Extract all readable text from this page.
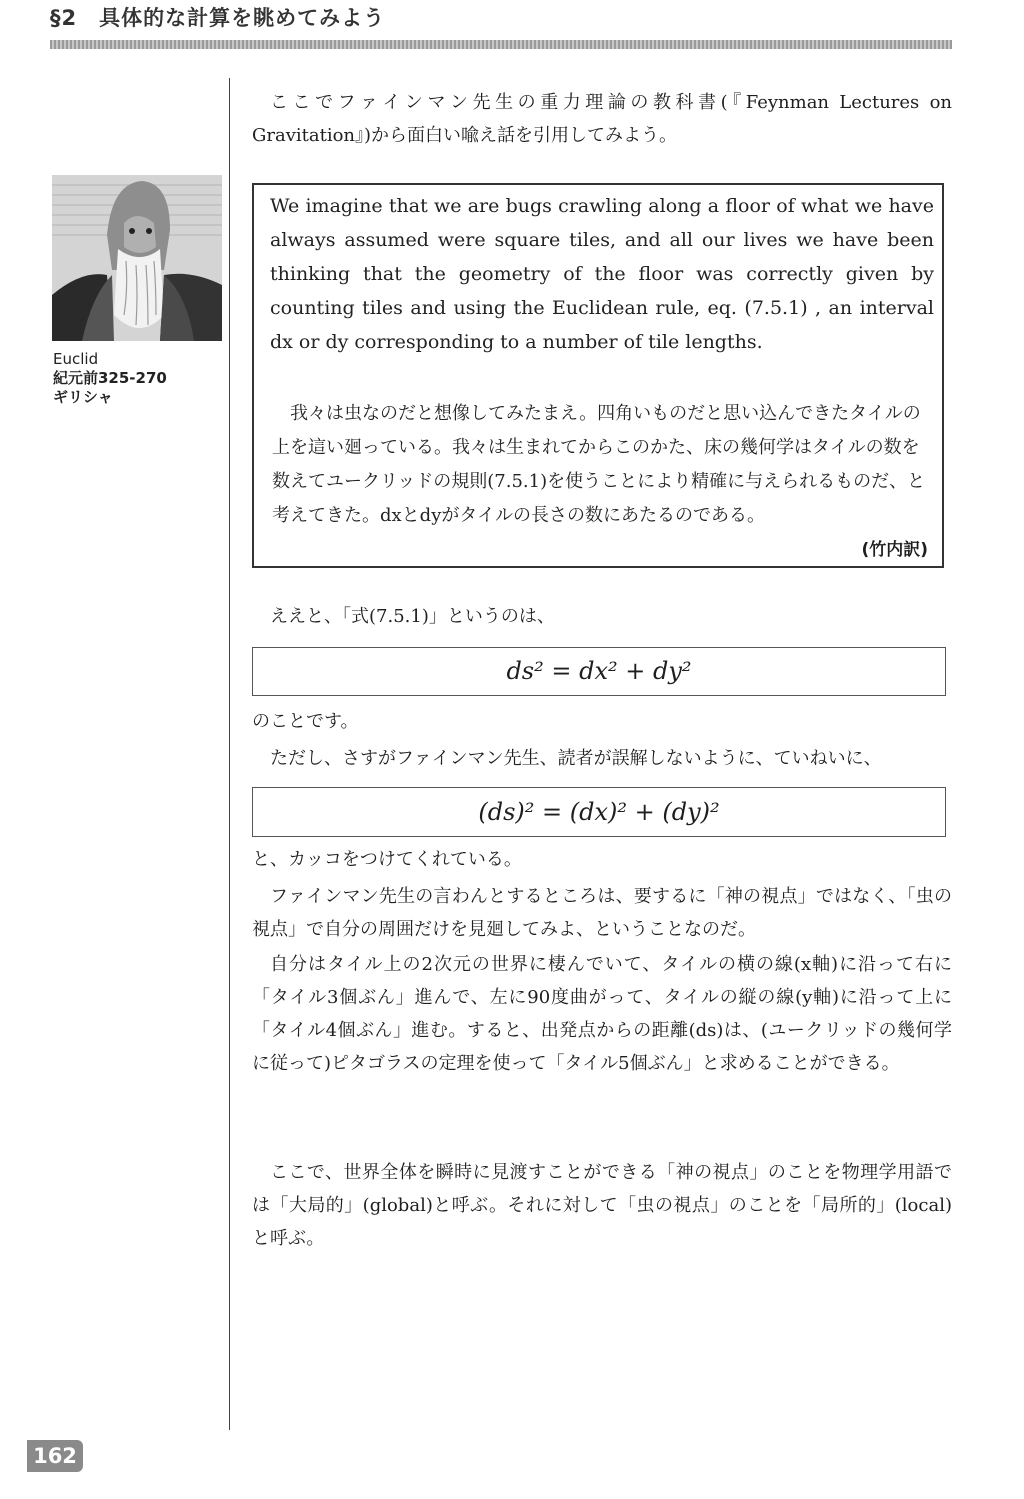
§2　具体的な計算を眺めてみよう
Euclid
紀元前325-270
ギリシャ
ここでファインマン先生の重力理論の教科書(『Feynman Lectures on Gravitation』)から面白い喩え話を引用してみよう。
We imagine that we are bugs crawling along a floor of what we have always assumed were square tiles, and all our lives we have been thinking that the geometry of the floor was correctly given by counting tiles and using the Euclidean rule, eq. (7.5.1) , an interval dx or dy corresponding to a number of tile lengths.
我々は虫なのだと想像してみたまえ。四角いものだと思い込んできたタイルの上を這い廻っている。我々は生まれてからこのかた、床の幾何学はタイルの数を数えてユークリッドの規則(7.5.1)を使うことにより精確に与えられるものだ、と考えてきた。dxとdyがタイルの長さの数にあたるのである。
(竹内訳)
ええと、「式(7.5.1)」というのは、
ds² = dx² + dy²
のことです。
ただし、さすがファインマン先生、読者が誤解しないように、ていねいに、
(ds)² = (dx)² + (dy)²
と、カッコをつけてくれている。
ファインマン先生の言わんとするところは、要するに「神の視点」ではなく、「虫の視点」で自分の周囲だけを見廻してみよ、ということなのだ。
自分はタイル上の2次元の世界に棲んでいて、タイルの横の線(x軸)に沿って右に「タイル3個ぶん」進んで、左に90度曲がって、タイルの縦の線(y軸)に沿って上に「タイル4個ぶん」進む。すると、出発点からの距離(ds)は、(ユークリッドの幾何学に従って)ピタゴラスの定理を使って「タイル5個ぶん」と求めることができる。
ここで、世界全体を瞬時に見渡すことができる「神の視点」のことを物理学用語では「大局的」(global)と呼ぶ。それに対して「虫の視点」のことを「局所的」(local)と呼ぶ。
162
